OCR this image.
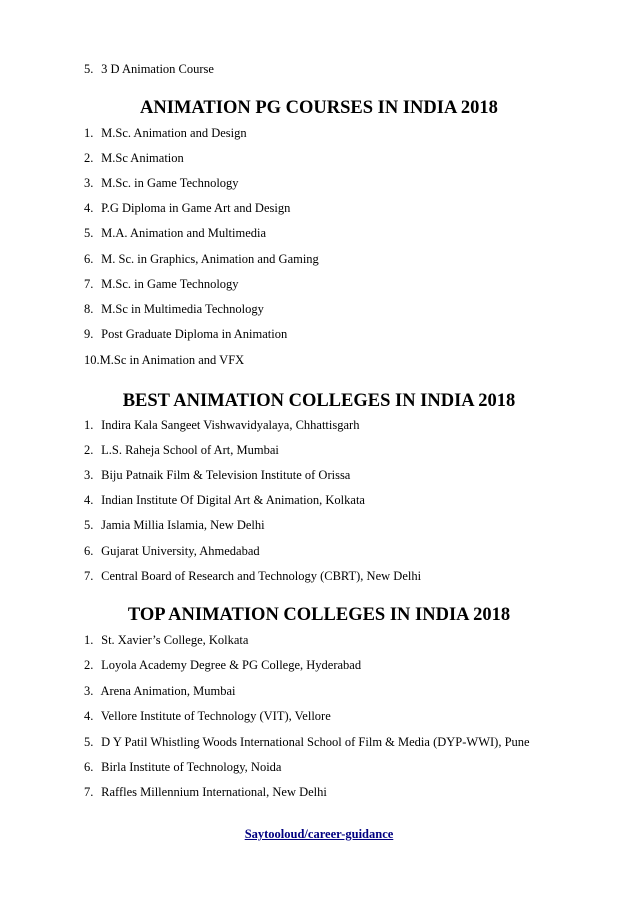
5. 3 D Animation Course
ANIMATION PG COURSES IN INDIA 2018
1. M.Sc. Animation and Design
2. M.Sc Animation
3. M.Sc. in Game Technology
4. P.G Diploma in Game Art and Design
5. M.A. Animation and Multimedia
6. M. Sc. in Graphics, Animation and Gaming
7. M.Sc. in Game Technology
8. M.Sc in Multimedia Technology
9. Post Graduate Diploma in Animation
10.M.Sc in Animation and VFX
BEST ANIMATION COLLEGES IN INDIA 2018
1. Indira Kala Sangeet Vishwavidyalaya, Chhattisgarh
2. L.S. Raheja School of Art, Mumbai
3. Biju Patnaik Film & Television Institute of Orissa
4. Indian Institute Of Digital Art & Animation, Kolkata
5. Jamia Millia Islamia, New Delhi
6. Gujarat University, Ahmedabad
7. Central Board of Research and Technology (CBRT), New Delhi
TOP ANIMATION COLLEGES IN INDIA 2018
1. St. Xavier’s College, Kolkata
2. Loyola Academy Degree & PG College, Hyderabad
3. Arena Animation, Mumbai
4. Vellore Institute of Technology (VIT), Vellore
5. D Y Patil Whistling Woods International School of Film & Media (DYP-WWI), Pune
6. Birla Institute of Technology, Noida
7. Raffles Millennium International, New Delhi
Saytooloud/career-guidance
